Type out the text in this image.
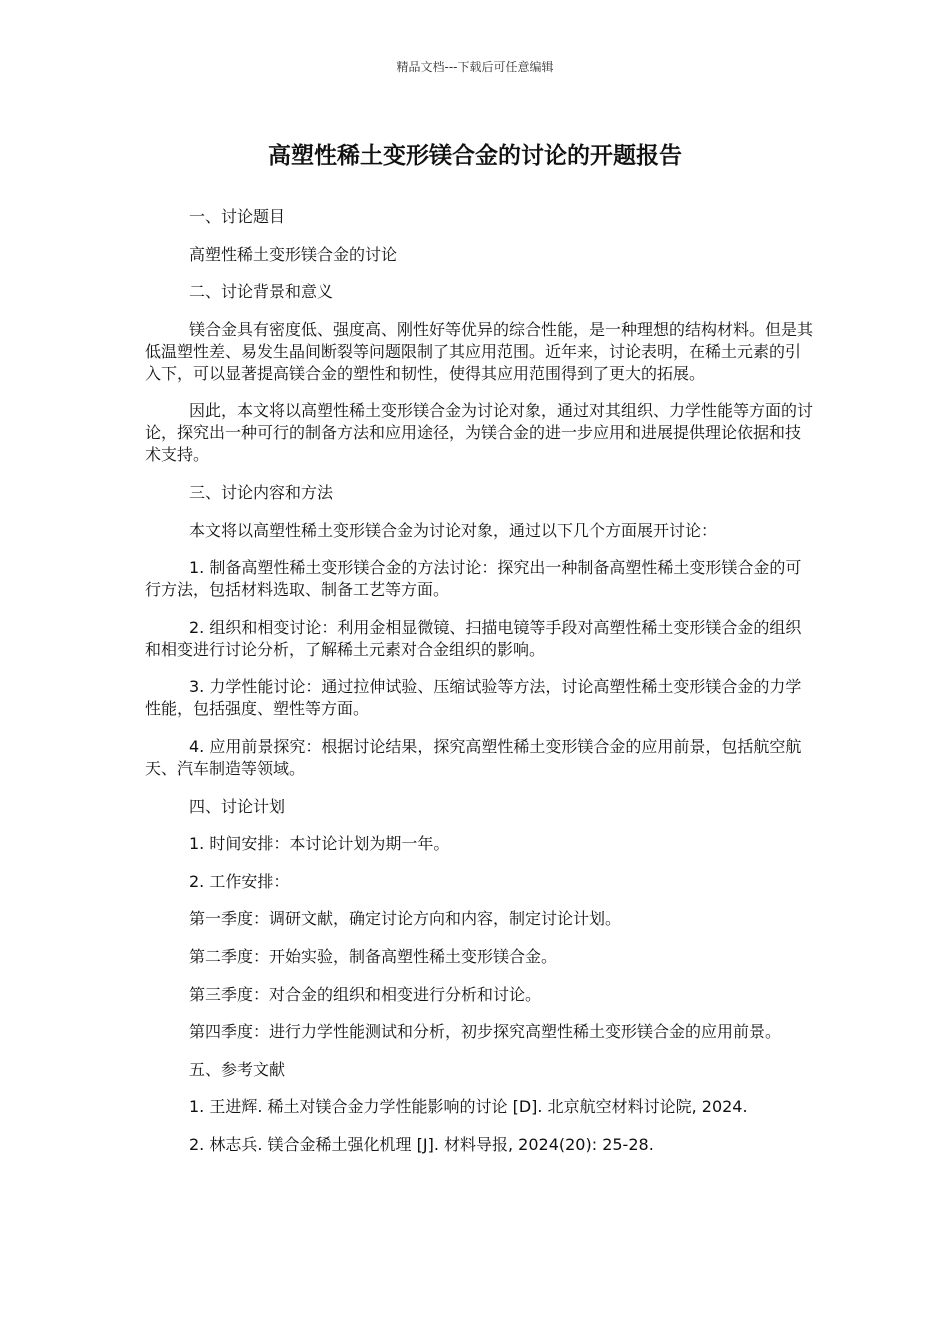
精品文档---下载后可任意编辑
高塑性稀土变形镁合金的讨论的开题报告

一、讨论题目

高塑性稀土变形镁合金的讨论

二、讨论背景和意义

镁合金具有密度低、强度高、刚性好等优异的综合性能，是一种理想的结构材料。但是其低温塑性差、易发生晶间断裂等问题限制了其应用范围。近年来，讨论表明，在稀土元素的引入下，可以显著提高镁合金的塑性和韧性，使得其应用范围得到了更大的拓展。

因此，本文将以高塑性稀土变形镁合金为讨论对象，通过对其组织、力学性能等方面的讨论，探究出一种可行的制备方法和应用途径，为镁合金的进一步应用和进展提供理论依据和技术支持。

三、讨论内容和方法

本文将以高塑性稀土变形镁合金为讨论对象，通过以下几个方面展开讨论：

1. 制备高塑性稀土变形镁合金的方法讨论：探究出一种制备高塑性稀土变形镁合金的可行方法，包括材料选取、制备工艺等方面。

2. 组织和相变讨论：利用金相显微镜、扫描电镜等手段对高塑性稀土变形镁合金的组织和相变进行讨论分析，了解稀土元素对合金组织的影响。

3. 力学性能讨论：通过拉伸试验、压缩试验等方法，讨论高塑性稀土变形镁合金的力学性能，包括强度、塑性等方面。

4. 应用前景探究：根据讨论结果，探究高塑性稀土变形镁合金的应用前景，包括航空航天、汽车制造等领域。

四、讨论计划

1. 时间安排：本讨论计划为期一年。

2. 工作安排：

第一季度：调研文献，确定讨论方向和内容，制定讨论计划。

第二季度：开始实验，制备高塑性稀土变形镁合金。

第三季度：对合金的组织和相变进行分析和讨论。

第四季度：进行力学性能测试和分析，初步探究高塑性稀土变形镁合金的应用前景。

五、参考文献

1. 王进辉. 稀土对镁合金力学性能影响的讨论 [D]. 北京航空材料讨论院, 2024.

2. 林志兵. 镁合金稀土强化机理 [J]. 材料导报, 2024(20): 25-28.
